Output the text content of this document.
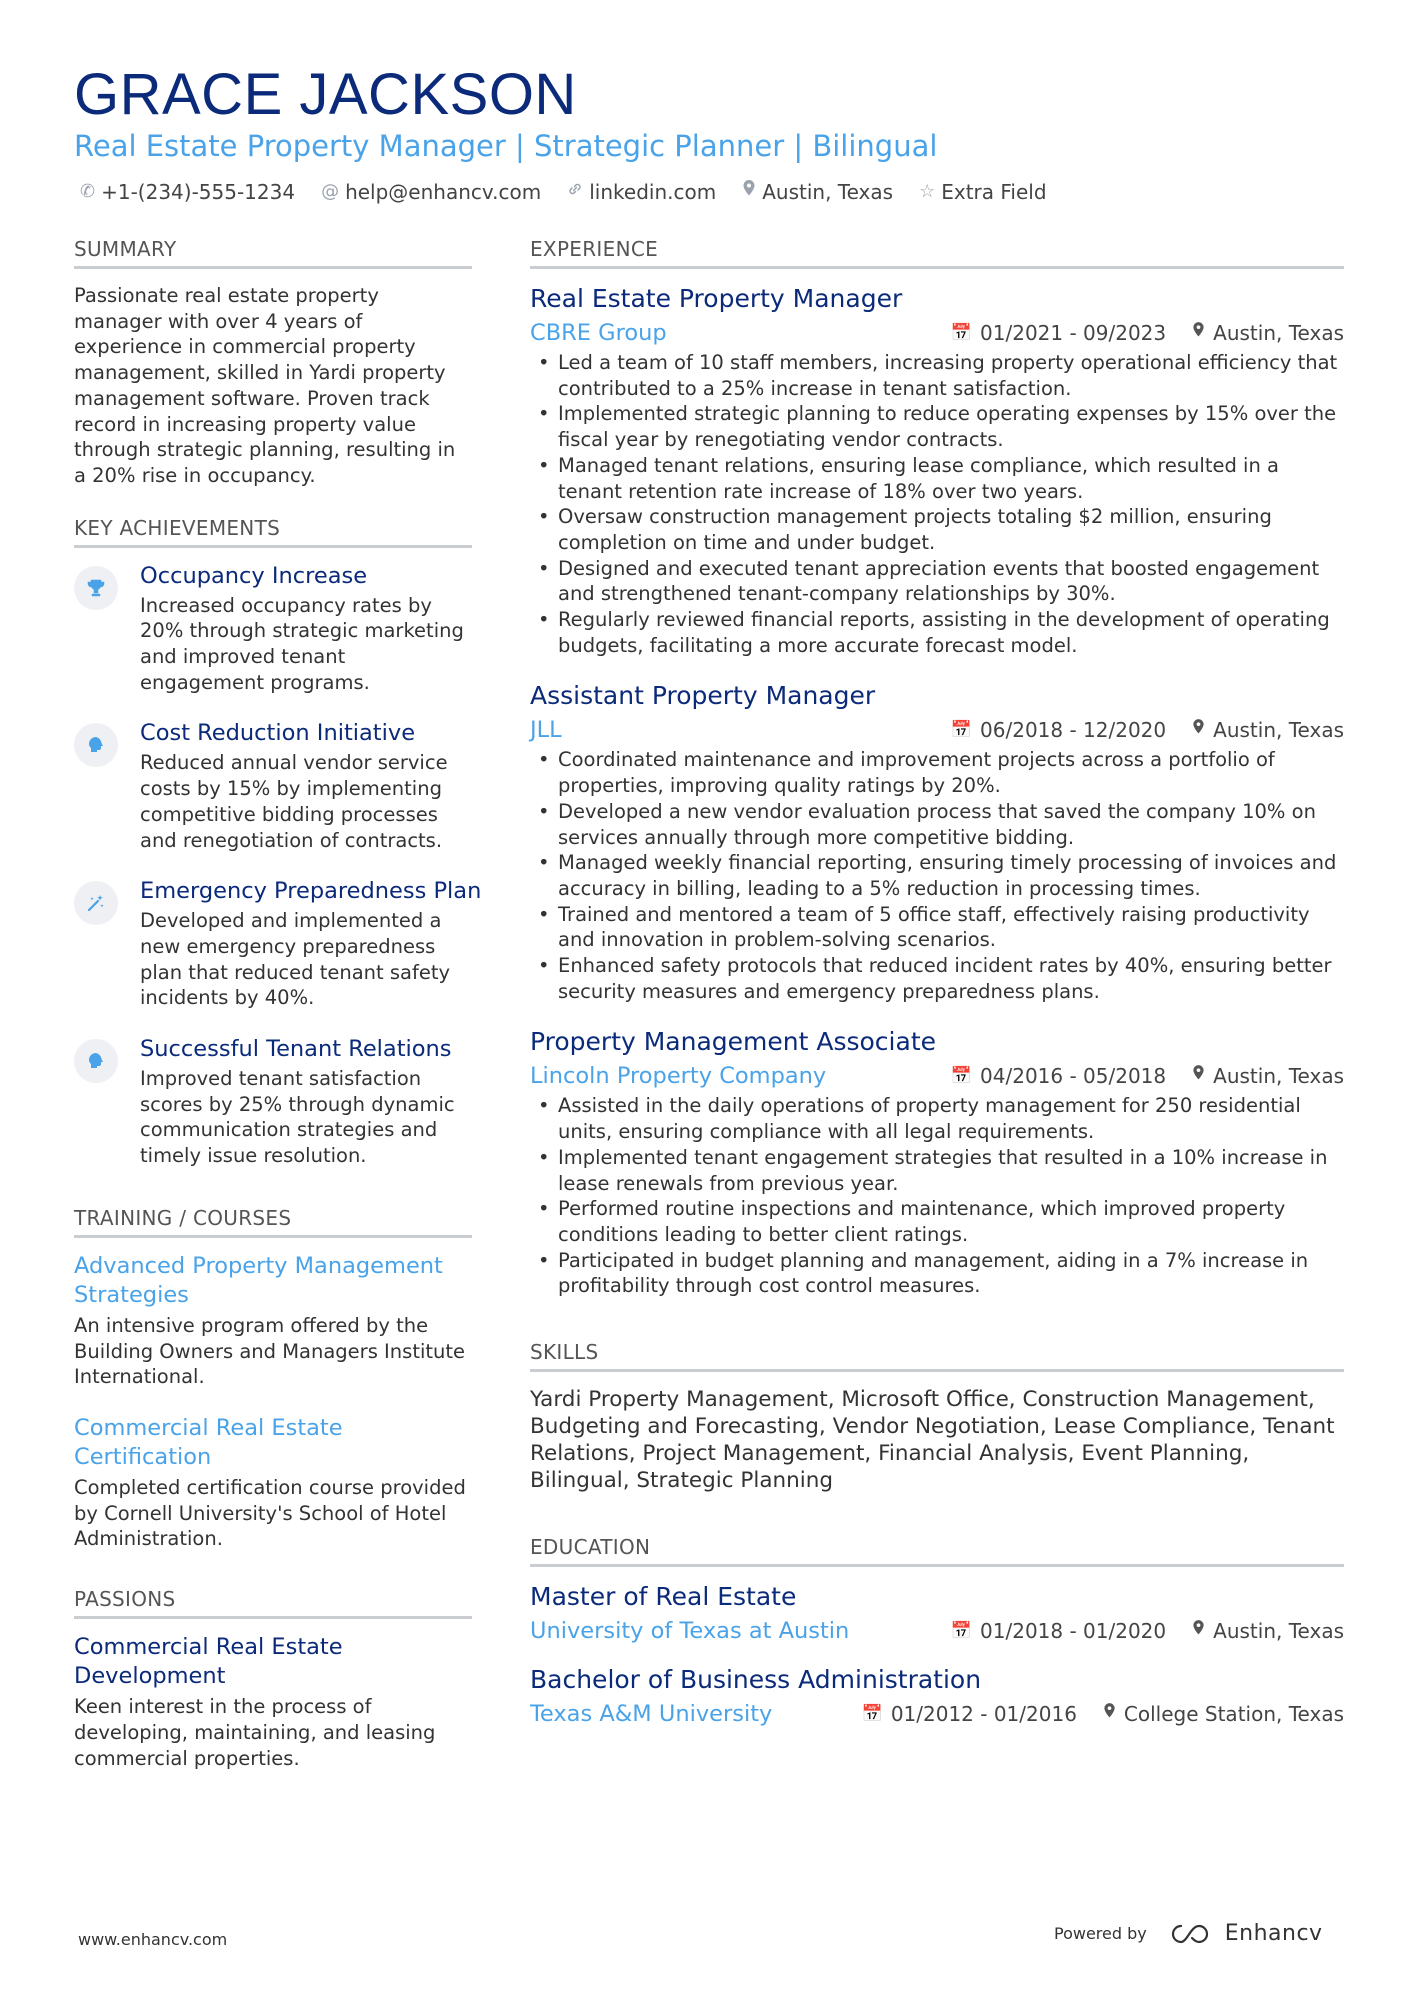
GRACE JACKSON
Real Estate Property Manager | Strategic Planner | Bilingual
✆ +1-(234)-555-1234 @ help@enhancv.com linkedin.com Austin, Texas ☆ Extra Field
SUMMARY

Passionate real estate property manager with over 4 years of experience in commercial property management, skilled in Yardi property management software. Proven track record in increasing property value through strategic planning, resulting in a 20% rise in occupancy.

KEY ACHIEVEMENTS
Occupancy Increase
Increased occupancy rates by 20% through strategic marketing and improved tenant engagement programs.
Cost Reduction Initiative
Reduced annual vendor service costs by 15% by implementing competitive bidding processes and renegotiation of contracts.
Emergency Preparedness Plan
Developed and implemented a new emergency preparedness plan that reduced tenant safety incidents by 40%.
Successful Tenant Relations
Improved tenant satisfaction scores by 25% through dynamic communication strategies and timely issue resolution.
TRAINING / COURSES
Advanced Property Management Strategies
An intensive program offered by the Building Owners and Managers Institute International.
Commercial Real Estate Certification
Completed certification course provided by Cornell University's School of Hotel Administration.
PASSIONS
Commercial Real Estate Development
Keen interest in the process of developing, maintaining, and leasing commercial properties.
EXPERIENCE
Real Estate Property Manager
CBRE Group	📅 01/2021 - 09/2023 Austin, Texas
• Led a team of 10 staff members, increasing property operational efficiency that contributed to a 25% increase in tenant satisfaction.
• Implemented strategic planning to reduce operating expenses by 15% over the fiscal year by renegotiating vendor contracts.
• Managed tenant relations, ensuring lease compliance, which resulted in a tenant retention rate increase of 18% over two years.
• Oversaw construction management projects totaling $2 million, ensuring completion on time and under budget.
• Designed and executed tenant appreciation events that boosted engagement and strengthened tenant-company relationships by 30%.
• Regularly reviewed financial reports, assisting in the development of operating budgets, facilitating a more accurate forecast model.
Assistant Property Manager
JLL	📅 06/2018 - 12/2020 Austin, Texas
• Coordinated maintenance and improvement projects across a portfolio of properties, improving quality ratings by 20%.
• Developed a new vendor evaluation process that saved the company 10% on services annually through more competitive bidding.
• Managed weekly financial reporting, ensuring timely processing of invoices and accuracy in billing, leading to a 5% reduction in processing times.
• Trained and mentored a team of 5 office staff, effectively raising productivity and innovation in problem-solving scenarios.
• Enhanced safety protocols that reduced incident rates by 40%, ensuring better security measures and emergency preparedness plans.
Property Management Associate
Lincoln Property Company	📅 04/2016 - 05/2018 Austin, Texas
• Assisted in the daily operations of property management for 250 residential units, ensuring compliance with all legal requirements.
• Implemented tenant engagement strategies that resulted in a 10% increase in lease renewals from previous year.
• Performed routine inspections and maintenance, which improved property conditions leading to better client ratings.
• Participated in budget planning and management, aiding in a 7% increase in profitability through cost control measures.
SKILLS

Yardi Property Management, Microsoft Office, Construction Management, Budgeting and Forecasting, Vendor Negotiation, Lease Compliance, Tenant Relations, Project Management, Financial Analysis, Event Planning, Bilingual, Strategic Planning

EDUCATION
Master of Real Estate
University of Texas at Austin	📅 01/2018 - 01/2020 Austin, Texas
Bachelor of Business Administration
Texas A&M University	📅 01/2012 - 01/2016 College Station, Texas
www.enhancv.com	Powered by	Enhancv
